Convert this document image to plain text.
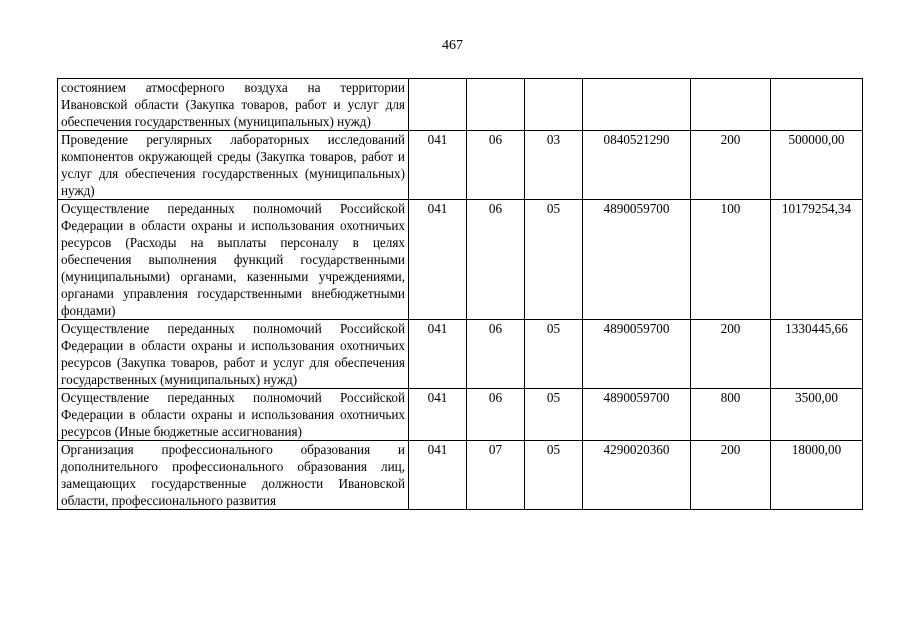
467
состоянием атмосферного воздуха на территории Ивановской области (Закупка товаров, работ и услуг для обеспечения государственных (муниципальных) нужд)						
Проведение регулярных лабораторных исследований компонентов окружающей среды (Закупка товаров, работ и услуг для обеспечения государственных (муниципальных) нужд)	041	06	03	0840521290	200	500000,00
Осуществление переданных полномочий Российской Федерации в области охраны и использования охотничьих ресурсов (Расходы на выплаты персоналу в целях обеспечения выполнения функций государственными (муниципальными) органами, казенными учреждениями, органами управления государственными внебюджетными фондами)	041	06	05	4890059700	100	10179254,34
Осуществление переданных полномочий Российской Федерации в области охраны и использования охотничьих ресурсов (Закупка товаров, работ и услуг для обеспечения государственных (муниципальных) нужд)	041	06	05	4890059700	200	1330445,66
Осуществление переданных полномочий Российской Федерации в области охраны и использования охотничьих ресурсов (Иные бюджетные ассигнования)	041	06	05	4890059700	800	3500,00
Организация профессионального образования и дополнительного профессионального образования лиц, замещающих государственные должности Ивановской области, профессионального развития	041	07	05	4290020360	200	18000,00
